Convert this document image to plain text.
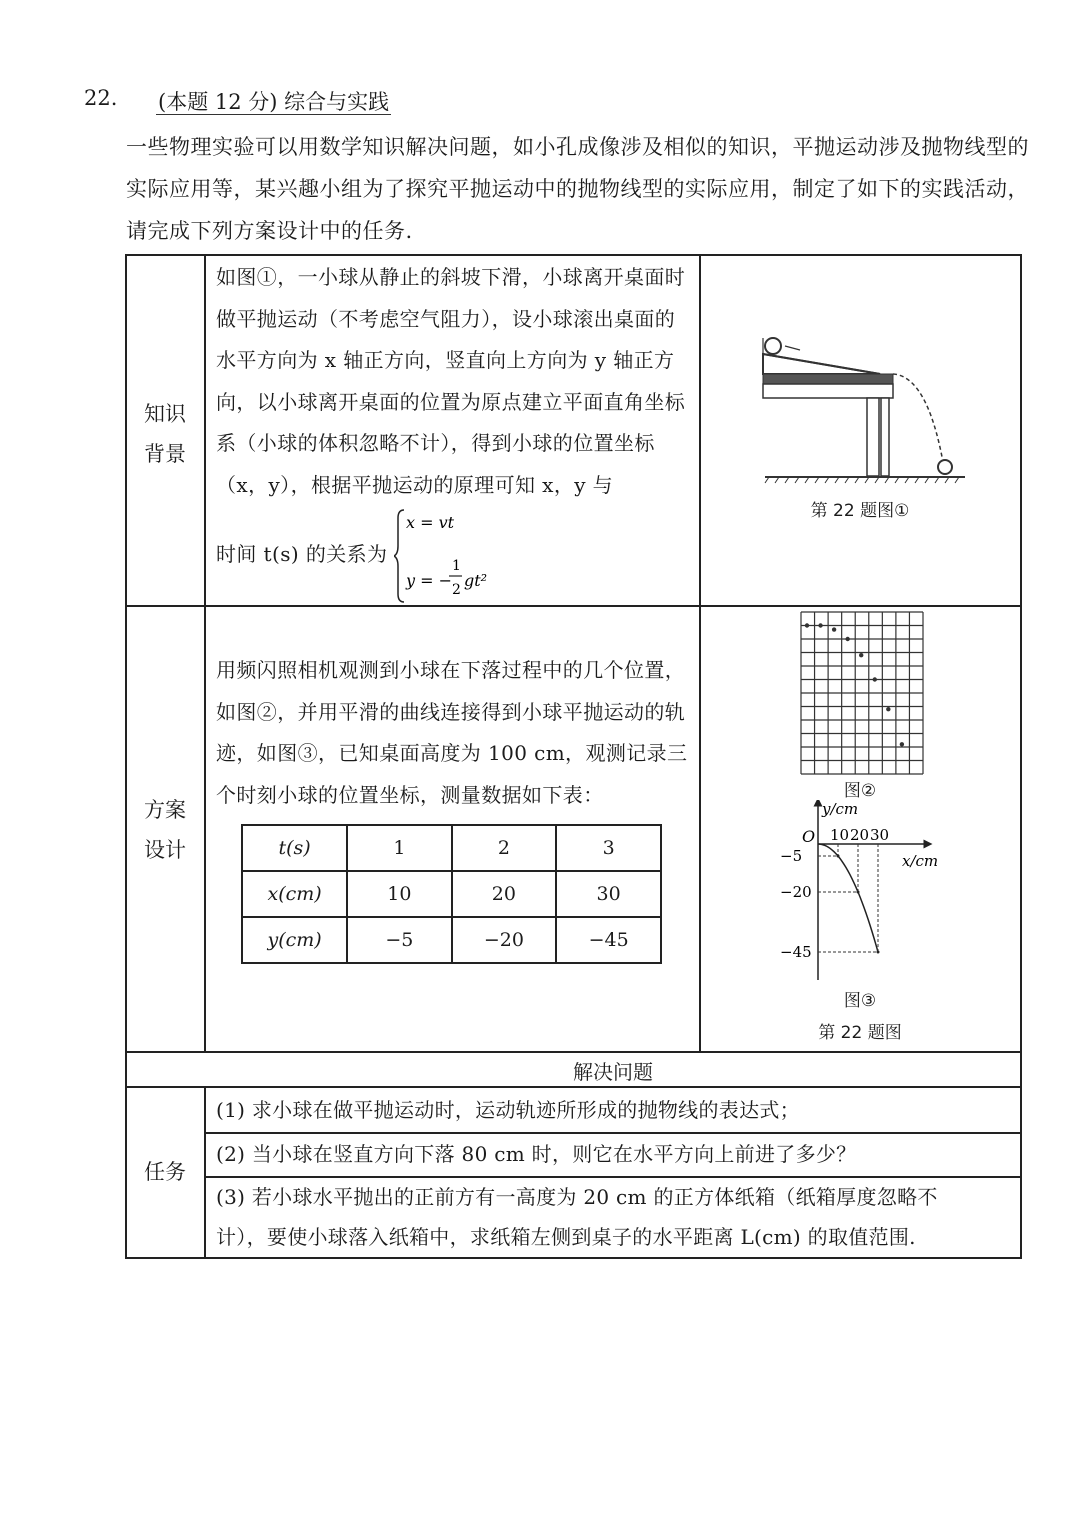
22. (本题 12 分) 综合与实践
一些物理实验可以用数学知识解决问题，如小孔成像涉及相似的知识，平抛运动涉及抛物线型的实际应用等，某兴趣小组为了探究平抛运动中的抛物线型的实际应用，制定了如下的实践活动，请完成下列方案设计中的任务.
知识
背景
如图①，一小球从静止的斜坡下滑，小球离开桌面时做平抛运动（不考虑空气阻力），设小球滚出桌面的水平方向为 x 轴正方向，竖直向上方向为 y 轴正方向，以小球离开桌面的位置为原点建立平面直角坐标系（小球的体积忽略不计），得到小球的位置坐标（x，y），根据平抛运动的原理可知 x，y 与
时间 t(s) 的关系为
x = vt
y = −
1
2 gt²
第 22 题图①
方案
设计
用频闪照相机观测到小球在下落过程中的几个位置，如图②，并用平滑的曲线连接得到小球平抛运动的轨迹，如图③，已知桌面高度为 100 cm，观测记录三个时刻小球的位置坐标，测量数据如下表：
t(s)	1	2	3
x(cm)	10	20	30
y(cm)	−5	−20	−45
图②
y/cm
x/cm
O 10 20 30
−5
−20
−45
图③
第 22 题图
解决问题
任务
(1) 求小球在做平抛运动时，运动轨迹所形成的抛物线的表达式；
(2) 当小球在竖直方向下落 80 cm 时，则它在水平方向上前进了多少？
(3) 若小球水平抛出的正前方有一高度为 20 cm 的正方体纸箱（纸箱厚度忽略不
计），要使小球落入纸箱中，求纸箱左侧到桌子的水平距离 L(cm) 的取值范围.
